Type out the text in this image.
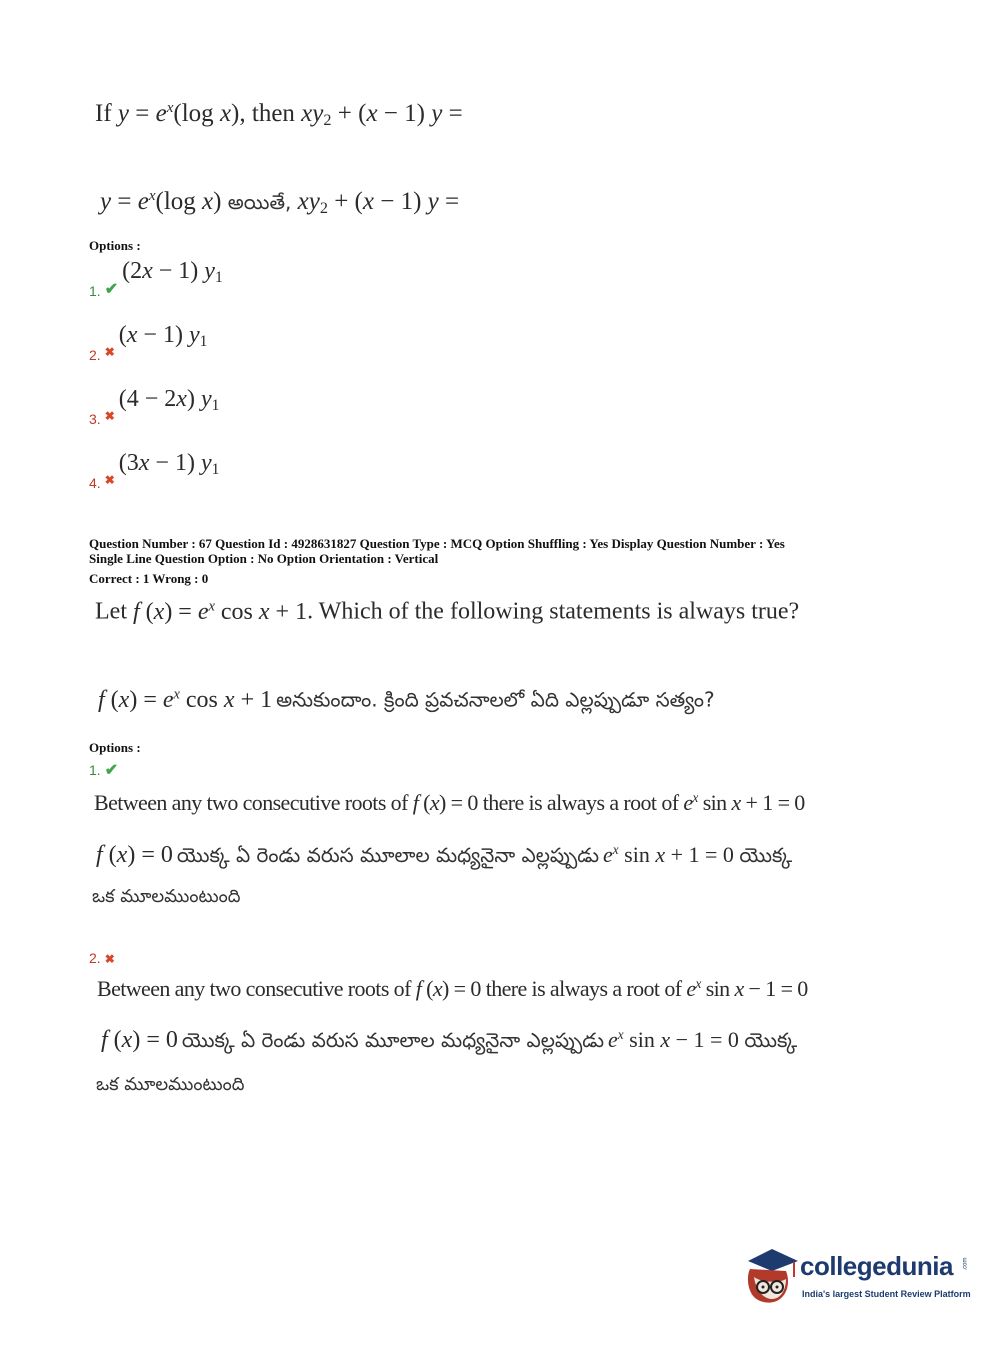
If $y = e^x(\log$ x), then $xy_2 + (x - 1) y$ =
$y = e^x(\log$ x) అయితే, $xy_2 + (x - 1) y$ =
Options :
1. ✔ (2x − 1) $y_1$
2. $_✖$ (x − 1) $y_1$
3. $_✖$ (4 − 2x) $y_1$
4. $_✖$ (3x − 1) $y_1$
Question Number : 67 Question Id : 4928631827 Question Type : MCQ Option Shuffling : Yes Display Question Number : Yes
Single Line Question Option : No Option Orientation : Vertical
Correct : 1 Wrong : 0
Let f $(x) = e^x$ cos x + 1. Which of the following statements is always true?
f $(x) = e^x$ cos x + 1 అనుకుందాం. క్రింది ప్రవచనాలలో ఏది ఎల్లప్పుడూ సత్యం?
Options :
1. ✔
Between any two consecutive roots of f (x) = 0 there is always a root of $e^x$ sin x + 1 = 0
f (x) = 0 యొక్క ఏ రెండు వరుస మూలాల మధ్యనైనా ఎల్లప్పుడు $e^x$ sin x + 1 = 0 యొక్క
ఒక మూలముంటుంది
2. ✖
Between any two consecutive roots of f (x) = 0 there is always a root of $e^x$ sin x − 1 = 0
f (x) = 0 యొక్క ఏ రెండు వరుస మూలాల మధ్యనైనా ఎల్లప్పుడు $e^x$ sin x − 1 = 0 యొక్క
ఒక మూలముంటుంది
collegedunia .com
India's largest Student Review Platform
